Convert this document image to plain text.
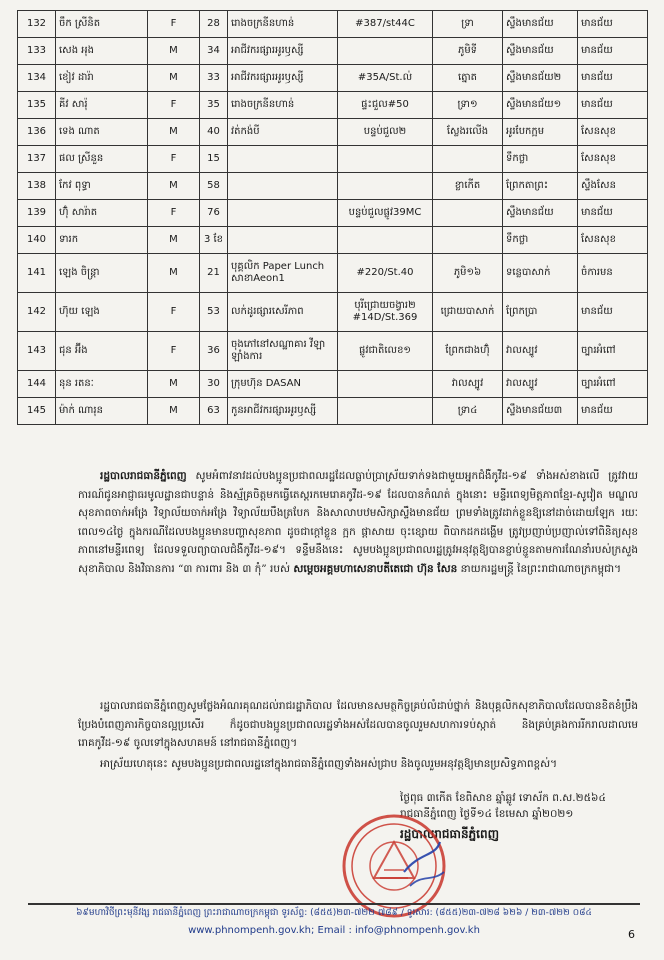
132	ចឹក ស្រីនិត	F	28	រោងចក្រនីនហាន់	#387/st44C	ទ្រា	ស្ទឹងមានជ័យ	មានជ័យ
133	សេង អុង	M	34	អាជីវករផ្សារអូរឫស្សី		ភូមិទី	ស្ទឹងមានជ័យ	មានជ័យ
134	ខៀវ ដារ៉ា	M	33	អាជីវករផ្សារអូរឫស្សី	#35A/St.ល់	ត្នោត	ស្ទឹងមានជ័យ២	មានជ័យ
135	គីវ សារ៉ុ	F	35	រោងចក្រនីនហាន់	ផ្ទះជួល#50	ទ្រា១	ស្ទឹងមានជ័យ១	មានជ័យ
136	ទេង ណាត	M	40	វត់កង់បី	បន្ទប់ជួល២	ស្លែងរលើង	អូរបែកក្អម	សែនសុខ
137	ផល ស្រីនួន	F	15				ទឹកថ្លា	សែនសុខ
138	កែវ ពុទ្ធា	M	58			ខ្លាកើត	ព្រែកតាព្រះ	ស្ទឹងសែន
139	ហ៊ុំ សារ៉ាត	F	76		បន្ទប់ជួលផ្លូវ39MC		ស្ទឹងមានជ័យ	មានជ័យ
140	ទារក	M	3 ខែ				ទឹកថ្លា	សែនសុខ
141	ឡេង ចិន្ត្រា	M	21	បុគ្គលិក Paper Lunch សាខាAeon1	#220/St.40	ភូមិ១៦	ទន្លេបាសាក់	ចំការមន
142	ហ៊ុយ ឡេង	F	53	លក់ដូរផ្សារសេរីភាព	បុរីជ្រោយចង្វារ២ #14D/St.369	ជ្រោយបាសាក់	ព្រែកប្រា	មានជ័យ
143	ជុន អ៊ីង	F	36	ចុងភៅនៅសណ្ឋាគារ វីឡាឡាំងការ	ផ្លូវជាតិលេខ១	ព្រែកជាងហ៊ុំ	វាលស្បូវ	ច្បារអំពៅ
144	នុន រតនៈ	M	30	ក្រុមហ៊ុន DASAN		វាលស្បូវ	វាលស្បូវ	ច្បារអំពៅ
145	ម៉ាក់ ណារុន	M	63	កូនអាជីវករផ្សារអូរឫស្សី		ទ្រា៤	ស្ទឹងមានជ័យ៣	មានជ័យ
រដ្ឋបាលរាជធានីភ្នំពេញ សូមអំពាវនាវដល់បងប្អូនប្រជាពលរដ្ឋដែលធ្លាប់ប្រាស្រ័យទាក់ទងជាមួយអ្នកជំងឺកូវីដ-១៩ ទាំងអស់ខាងលើ ត្រូវវាយការណ៍ជូនអាជ្ញាធរមូលដ្ឋានជាបន្ទាន់ និងស្ម័គ្រចិត្តមកធ្វើតេស្តរកមេរោគកូវីដ-១៩ ដែលបានកំណត់ ក្នុងនោះ មន្ទីរពេទ្យមិត្តភាពខ្មែរ-សូវៀត មណ្ឌលសុខភាពចាក់អង្រែ វិទ្យាល័យចាក់អង្រែ វិទ្យាល័យបឹងត្របែក និងសាលាបឋមសិក្សាស្ទឹងមានជ័យ ព្រមទាំងត្រូវដាក់ខ្លួនឱ្យនៅដាច់ដោយឡែក រយៈពេល១៤ថ្ងៃ ក្នុងករណីដែលបងប្អូនមានបញ្ហាសុខភាព ដូចជាក្តៅខ្លួន ក្អក ផ្តាសាយ ចុះខ្សោយ ពិបាកដកដង្ហើម ត្រូវប្រញាប់ប្រញាល់ទៅពិនិត្យសុខភាពនៅមន្ទីរពេទ្យ ដែលទទួលព្យាបាលជំងឺកូវីដ-១៩។ ទន្ទឹមនឹងនេះ សូមបងប្អូនប្រជាពលរដ្ឋត្រូវអនុវត្តឱ្យបានខ្ជាប់ខ្ជួនតាមការណែនាំរបស់ក្រសួងសុខាភិបាល និងវិធានការ “៣ ការពារ និង ៣ កុំ” របស់ សម្តេចអគ្គមហាសេនាបតីតេជោ ហ៊ុន សែន នាយករដ្ឋមន្ត្រី នៃព្រះរាជាណាចក្រកម្ពុជា។
រដ្ឋបាលរាជធានីភ្នំពេញសូមថ្លែងអំណរគុណដល់រាជរដ្ឋាភិបាល ដែលមានសមត្ថកិច្ចគ្រប់លំដាប់ថ្នាក់ និងបុគ្គលិកសុខាភិបាលដែលបានខិតខំប្រឹងប្រែងបំពេញភារកិច្ចបានល្អប្រសើរ ក៏ដូចជាបងប្អូនប្រជាពលរដ្ឋទាំងអស់ដែលបានចូលរួមសហការទប់ស្កាត់ និងគ្រប់គ្រងការរីករាលដាលមេរោគកូវីដ-១៩ ចូលទៅក្នុងសហគមន៍ នៅរាជធានីភ្នំពេញ។
អាស្រ័យហេតុនេះ សូមបងប្អូនប្រជាពលរដ្ឋនៅក្នុងរាជធានីភ្នំពេញទាំងអស់ជ្រាប និងចូលរួមអនុវត្តឱ្យមានប្រសិទ្ធភាពខ្ពស់។
ថ្ងៃពុធ ៣កើត ខែពិសាខ ឆ្នាំឆ្លូវ ទោស័ក ព.ស.២៥៦៤
រាជធានីភ្នំពេញ ថ្ងៃទី១៤ ខែមេសា ឆ្នាំ២០២១
រដ្ឋបាលរាជធានីភ្នំពេញ
៦៩មហាវិថីព្រះមុនីវង្ស រាជធានីភ្នំពេញ ព្រះរាជាណាចក្រកម្ពុជា ទូរស័ព្ទ: (៨៥៥)២៣-៧២២ ៧៨៩ / ទូរសារ: (៨៥៥)២៣-៧២៨ ៦២៦ / ២៣-៧២២ ០៨៤
www.phnompenh.gov.kh; Email : info@phnompenh.gov.kh	6
